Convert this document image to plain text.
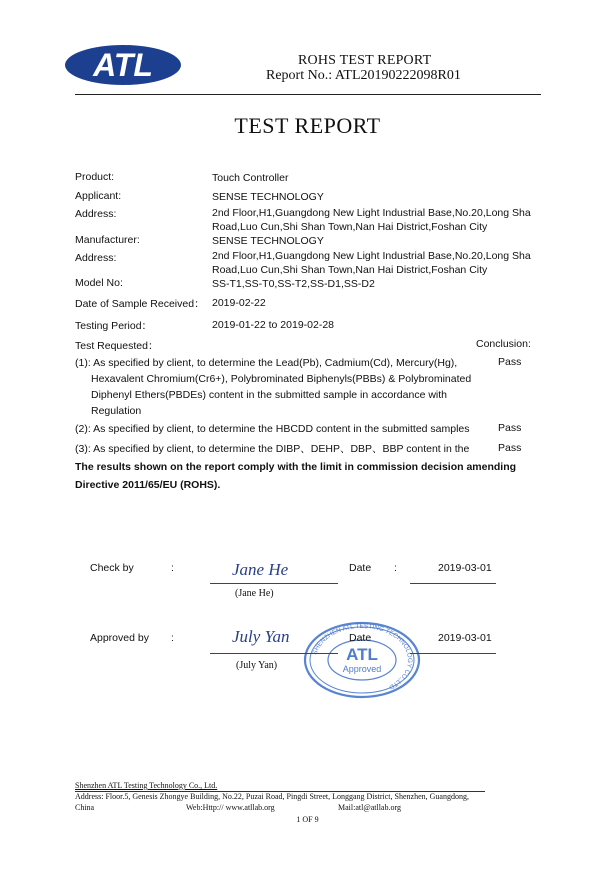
ATL	ROHS TEST REPORT
Report No.: ATL20190222098R01
TEST REPORT
Product:	Touch Controller
Applicant:	SENSE TECHNOLOGY
Address:	2nd Floor,H1,Guangdong New Light Industrial Base,No.20,Long Sha Road,Luo Cun,Shi Shan Town,Nan Hai District,Foshan City
Manufacturer:	SENSE TECHNOLOGY
Address:	2nd Floor,H1,Guangdong New Light Industrial Base,No.20,Long Sha Road,Luo Cun,Shi Shan Town,Nan Hai District,Foshan City
Model No:	SS-T1,SS-T0,SS-T2,SS-D1,SS-D2
Date of Sample Received： 2019-02-22
Testing Period：	2019-01-22 to 2019-02-28
Test Requested：	Conclusion:
(1): As specified by client, to determine the Lead(Pb), Cadmium(Cd), Mercury(Hg),
Hexavalent Chromium(Cr6+), Polybrominated Biphenyls(PBBs) & Polybrominated
Diphenyl Ethers(PBDEs) content in the submitted sample in accordance with
Regulation
Pass
(2): As specified by client, to determine the HBCDD content in the submitted samples	Pass
(3): As specified by client, to determine the DIBP、DEHP、DBP、BBP content in the	Pass
The results shown on the report comply with the limit in commission decision amending
Directive 2011/65/EU (ROHS).
Check by	:	Jane He
(Jane He)
Date :	2019-03-01
SHENZHEN ATL TESTING TECHNOLOGY CO.,LTD
ATL
Approved
Approved by :	July Yan
(July Yan)
Date	2019-03-01
Shenzhen ATL Testing Technology Co., Ltd.
Address: Floor.5, Genesis Zhongye Building, No.22, Puzai Road, Pingdi Street, Longgang District, Shenzhen, Guangdong,
China	Web:Http:// www.atllab.org	Mail:atl@atllab.org
1 OF 9
